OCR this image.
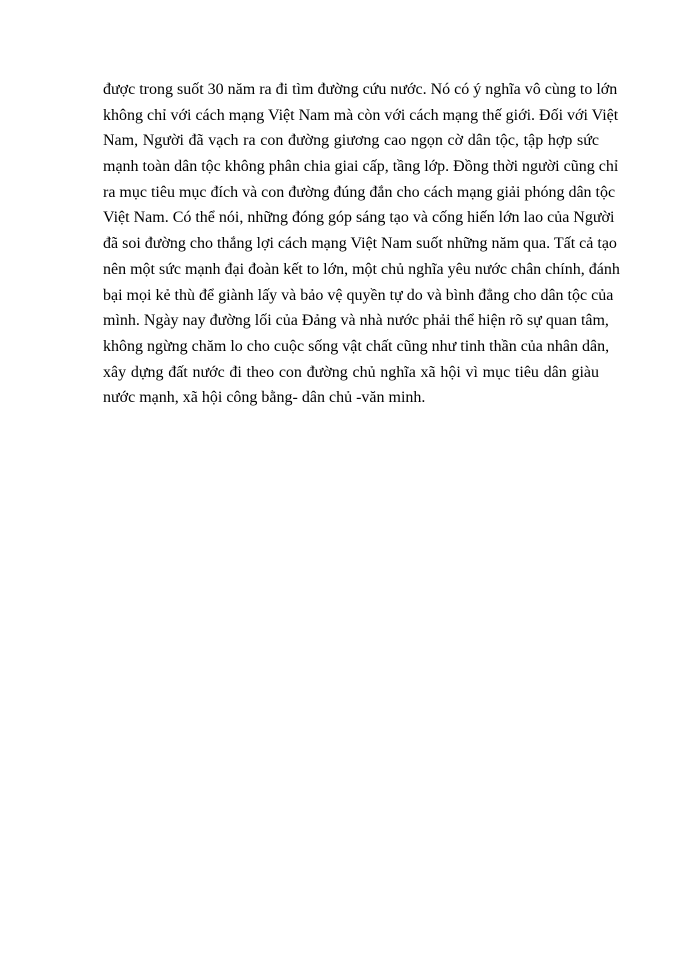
được trong suốt 30 năm ra đi tìm đường cứu nước. Nó có ý nghĩa vô cùng to lớn
không chỉ với cách mạng Việt Nam mà còn với cách mạng thế giới. Đối với Việt
Nam, Người đã vạch ra con đường giương cao ngọn cờ dân tộc, tập hợp sức
mạnh toàn dân tộc không phân chia giai cấp, tầng lớp. Đồng thời người cũng chỉ
ra mục tiêu mục đích và con đường đúng đắn cho cách mạng giải phóng dân tộc
Việt Nam. Có thể nói, những đóng góp sáng tạo và cống hiến lớn lao của Người
đã soi đường cho thắng lợi cách mạng Việt Nam suốt những năm qua. Tất cả tạo
nên một sức mạnh đại đoàn kết to lớn, một chủ nghĩa yêu nước chân chính, đánh
bại mọi kẻ thù để giành lấy và bảo vệ quyền tự do và bình đẳng cho dân tộc của
mình. Ngày nay đường lối của Đảng và nhà nước phải thể hiện rõ sự quan tâm,
không ngừng chăm lo cho cuộc sống vật chất cũng như tinh thần của nhân dân,
xây dựng đất nước đi theo con đường chủ nghĩa xã hội vì mục tiêu dân giàu
nước mạnh, xã hội công bằng- dân chủ -văn minh.
